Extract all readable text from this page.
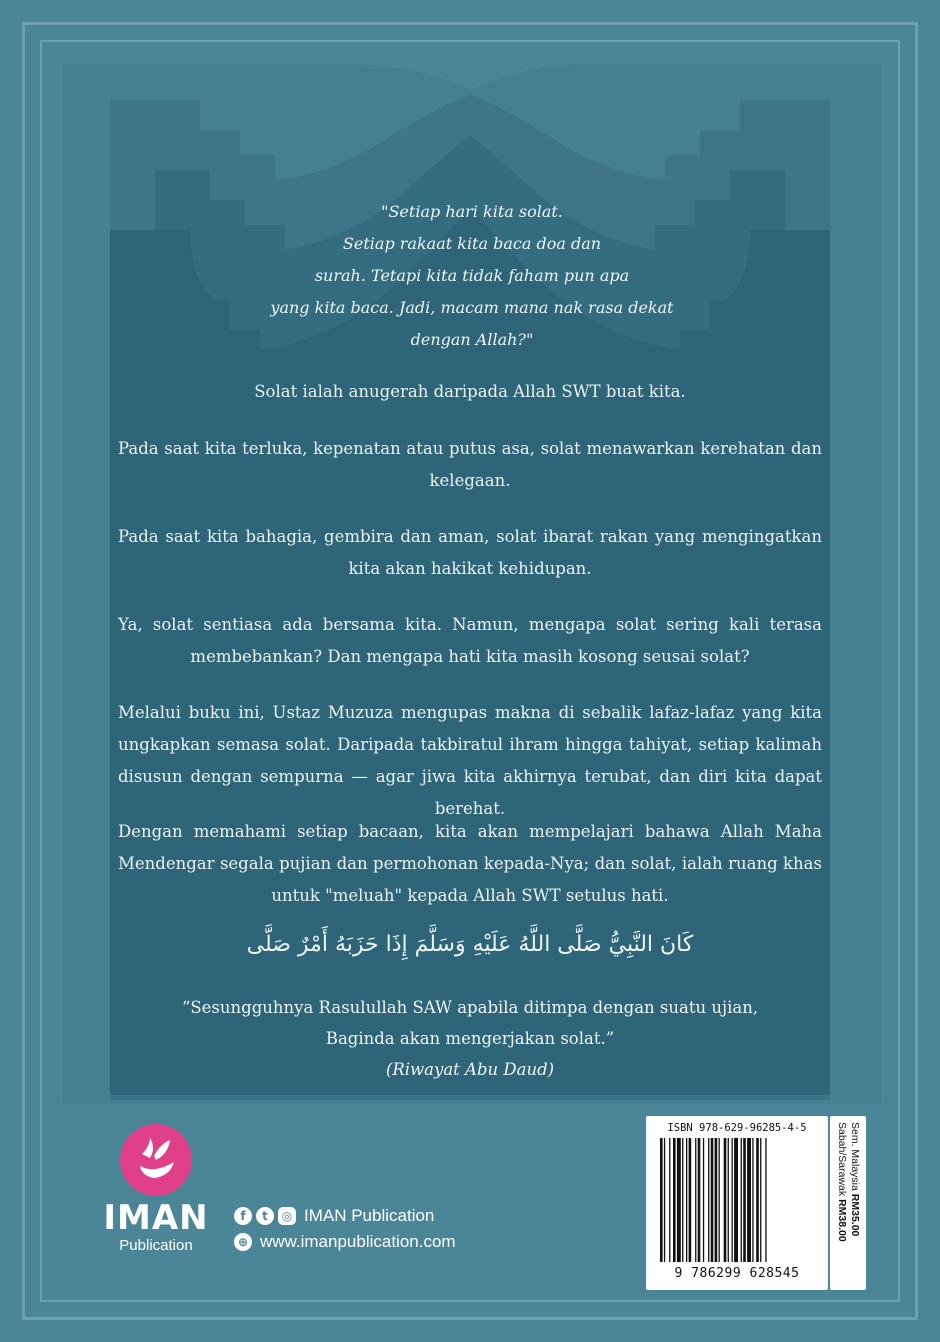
"Setiap hari kita solat.
Setiap rakaat kita baca doa dan
surah. Tetapi kita tidak faham pun apa
yang kita baca. Jadi, macam mana nak rasa dekat
dengan Allah?"
Solat ialah anugerah daripada Allah SWT buat kita.
Pada saat kita terluka, kepenatan atau putus asa, solat menawarkan kerehatan dan kelegaan.
Pada saat kita bahagia, gembira dan aman, solat ibarat rakan yang mengingatkan kita akan hakikat kehidupan.
Ya, solat sentiasa ada bersama kita. Namun, mengapa solat sering kali terasa membebankan? Dan mengapa hati kita masih kosong seusai solat?
Melalui buku ini, Ustaz Muzuza mengupas makna di sebalik lafaz-lafaz yang kita ungkapkan semasa solat. Daripada takbiratul ihram hingga tahiyat, setiap kalimah disusun dengan sempurna — agar jiwa kita akhirnya terubat, dan diri kita dapat berehat.
Dengan memahami setiap bacaan, kita akan mempelajari bahawa Allah Maha Mendengar segala pujian dan permohonan kepada-Nya; dan solat, ialah ruang khas untuk "meluah" kepada Allah SWT setulus hati.
كَانَ النَّبِيُّ صَلَّى اللَّهُ عَلَيْهِ وَسَلَّمَ إِذَا حَزَبَهُ أَمْرٌ صَلَّى
“Sesungguhnya Rasulullah SAW apabila ditimpa dengan suatu ujian,
Baginda akan mengerjakan solat.”
(Riwayat Abu Daud)
IMAN
Publication
f	t	◎ IMAN Publication
⊕ www.imanpublication.com
ISBN 978-629-96285-4-5
9 786299 628545
Sem. Malaysia RM35.00
Sabah/Sarawak RM38.00
